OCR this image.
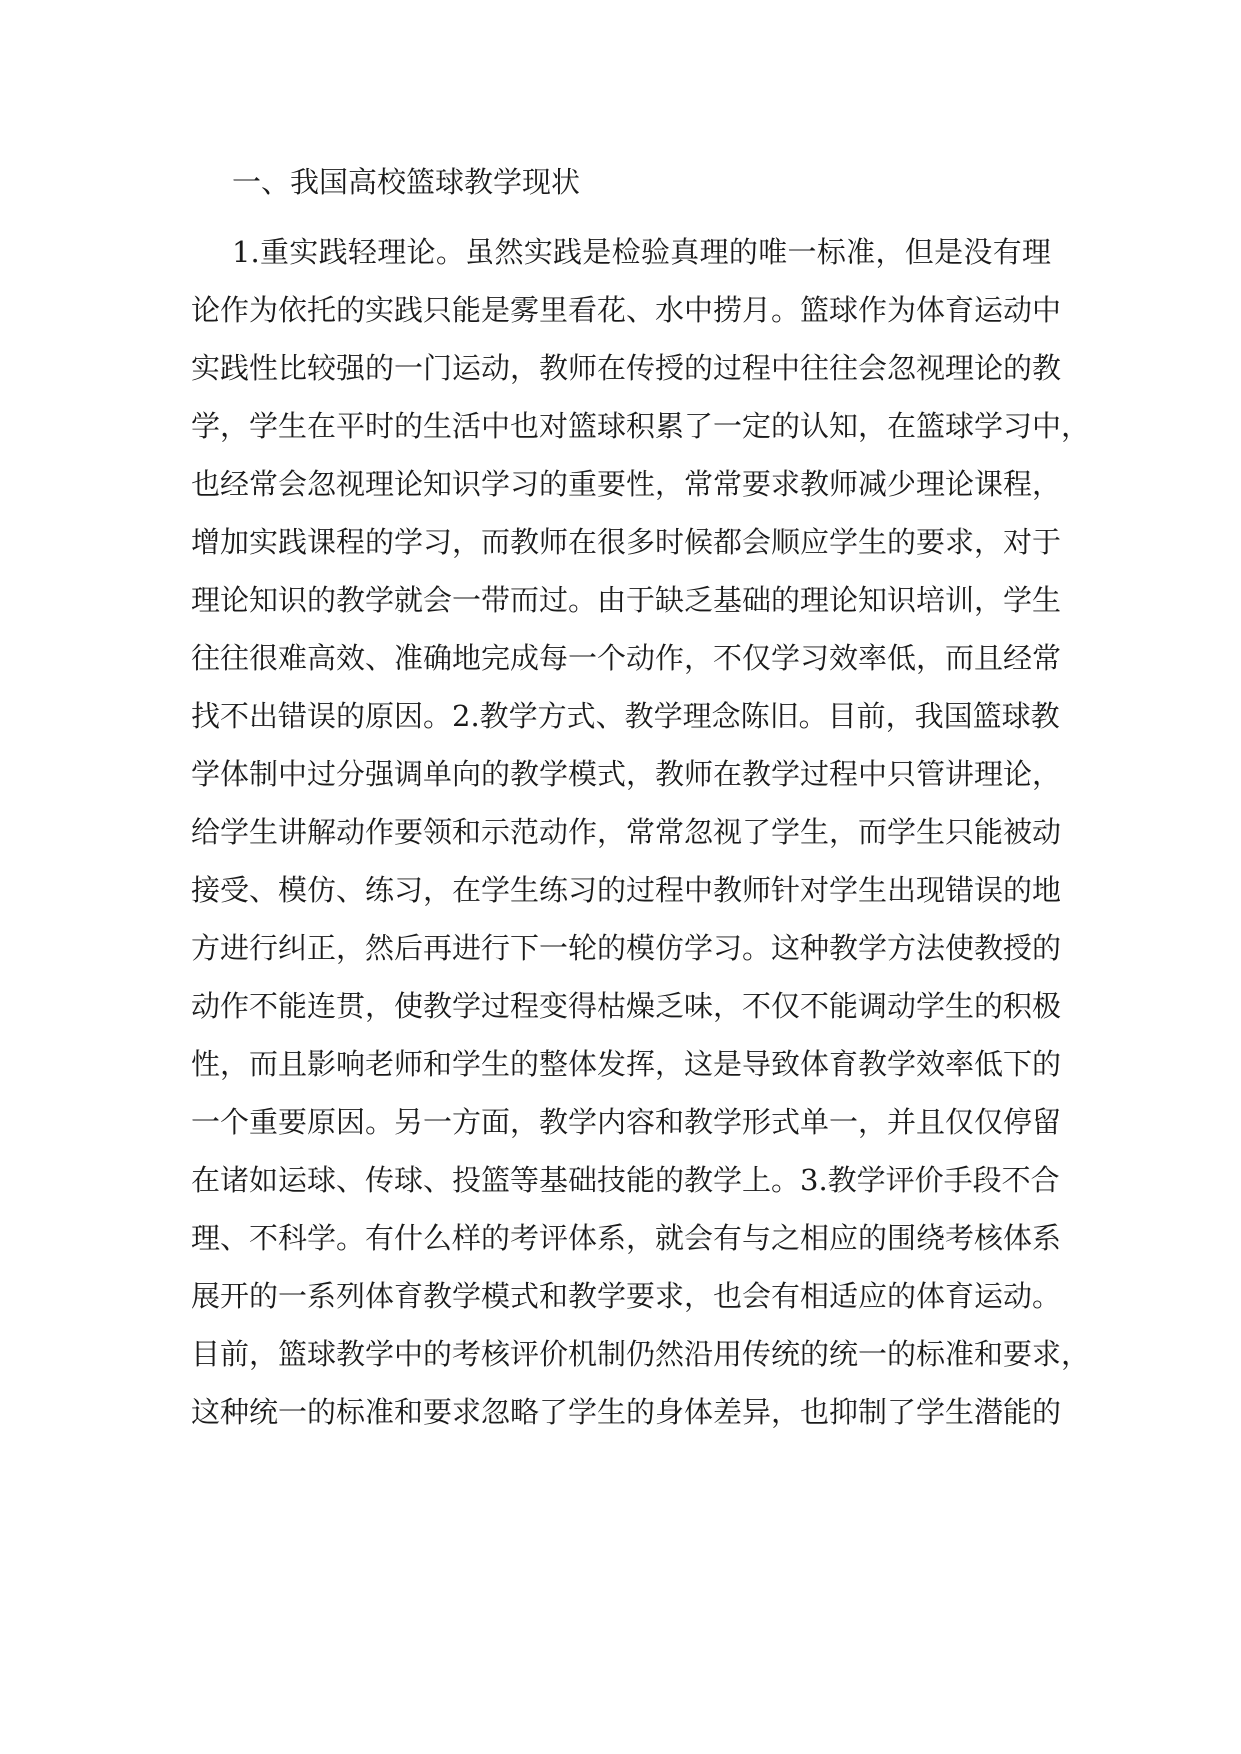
一、我国高校篮球教学现状
1.重实践轻理论。虽然实践是检验真理的唯一标准，但是没有理
论作为依托的实践只能是雾里看花、水中捞月。篮球作为体育运动中
实践性比较强的一门运动，教师在传授的过程中往往会忽视理论的教
学，学生在平时的生活中也对篮球积累了一定的认知，在篮球学习中，
也经常会忽视理论知识学习的重要性，常常要求教师减少理论课程，
增加实践课程的学习，而教师在很多时候都会顺应学生的要求，对于
理论知识的教学就会一带而过。由于缺乏基础的理论知识培训，学生
往往很难高效、准确地完成每一个动作，不仅学习效率低，而且经常
找不出错误的原因。2.教学方式、教学理念陈旧。目前，我国篮球教
学体制中过分强调单向的教学模式，教师在教学过程中只管讲理论，
给学生讲解动作要领和示范动作，常常忽视了学生，而学生只能被动
接受、模仿、练习，在学生练习的过程中教师针对学生出现错误的地
方进行纠正，然后再进行下一轮的模仿学习。这种教学方法使教授的
动作不能连贯，使教学过程变得枯燥乏味，不仅不能调动学生的积极
性，而且影响老师和学生的整体发挥，这是导致体育教学效率低下的
一个重要原因。另一方面，教学内容和教学形式单一，并且仅仅停留
在诸如运球、传球、投篮等基础技能的教学上。3.教学评价手段不合
理、不科学。有什么样的考评体系，就会有与之相应的围绕考核体系
展开的一系列体育教学模式和教学要求，也会有相适应的体育运动。
目前，篮球教学中的考核评价机制仍然沿用传统的统一的标准和要求，
这种统一的标准和要求忽略了学生的身体差异，也抑制了学生潜能的
